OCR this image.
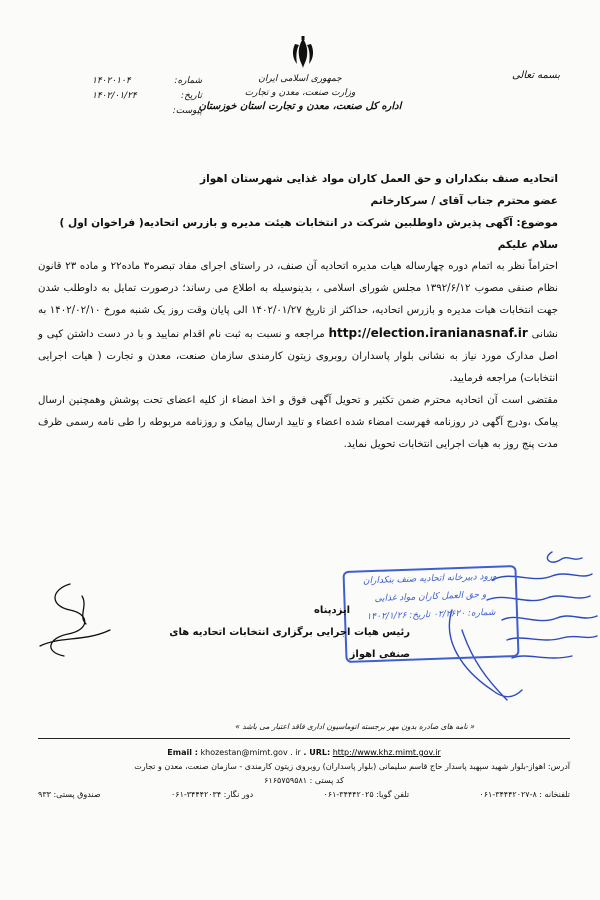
بسمه تعالی
جمهوری اسلامی ایران
وزارت صنعت، معدن و تجارت
اداره کل صنعت، معدن و تجارت استان خوزستان
شماره:
۱۴۰۲۰۱۰۴
تاریخ:
۱۴۰۲/۰۱/۲۴
پیوست:
اتحادیه صنف بنکداران و حق العمل کاران مواد غذایی شهرستان اهواز
عضو محترم جناب آقای / سرکارخانم
موضوع: آگهی پذیرش داوطلبین شرکت در انتخابات هیئت مدیره و بازرس اتحادیه( فراخوان اول )
سلام علیکم
احتراماً نظر به اتمام دوره چهارساله هیات مدیره اتحادیه آن صنف، در راستای اجرای مفاد تبصره۳ ماده۲۲ و ماده ۲۳ قانون نظام صنفی مصوب ۱۳۹۲/۶/۱۲ مجلس شورای اسلامی ، بدینوسیله به اطلاع می رساند؛ درصورت تمایل به داوطلب شدن جهت انتخابات هیات مدیره و بازرس اتحادیه، حداکثر از تاریخ ۱۴۰۲/۰۱/۲۷ الی پایان وقت روز یک شنبه مورخ ۱۴۰۲/۰۲/۱۰ به نشانی http://election.iranianasnaf.ir مراجعه و نسبت به ثبت نام اقدام نمایید و با در دست داشتن کپی و اصل مدارک مورد نیاز به نشانی بلوار پاسداران روبروی زیتون کارمندی سازمان صنعت، معدن و تجارت ( هیات اجرایی انتخابات) مراجعه فرمایید.
مقتضی است آن اتحادیه محترم ضمن تکثیر و تحویل آگهی فوق و اخذ امضاء از کلیه اعضای تحت پوشش وهمچنین ارسال پیامک ،ودرج آگهی در روزنامه فهرست امضاء شده اعضاء و تایید ارسال پیامک و روزنامه مربوطه را طی نامه رسمی ظرف مدت پنج روز به هیات اجرایی انتخابات تحویل نماید.
ورود دبیرخانه اتحادیه صنف بنکداران
و حق العمل کاران مواد غذایی
شماره: ۰۲/۲۶۲۰ تاریخ: ۱۴۰۲/۱/۲۶
ایزدپناه
رئیس هیات اجرایی برگزاری انتخابات اتحادیه های صنفی اهواز
« نامه های صادره بدون مهر برجسته اتوماسیون اداری فاقد اعتبار می باشد »
Email : khozestan@mimt.gov . ir . URL: http://www.khz.mimt.gov.ir
آدرس: اهواز-بلوار شهید سپهبد پاسدار حاج قاسم سلیمانی (بلوار پاسداران) روبروی زیتون کارمندی - سازمان صنعت، معدن و تجارت
کد پستی : ۶۱۶۵۷۵۹۵۸۱
تلفنخانه : ۸-۳۴۴۴۲۰۲۷-۰۶۱
تلفن گویا: ۳۴۴۴۲۰۲۵-۰۶۱
دور نگار: ۳۴۴۴۲۰۳۴-۰۶۱
صندوق پستی: ۹۳۳
